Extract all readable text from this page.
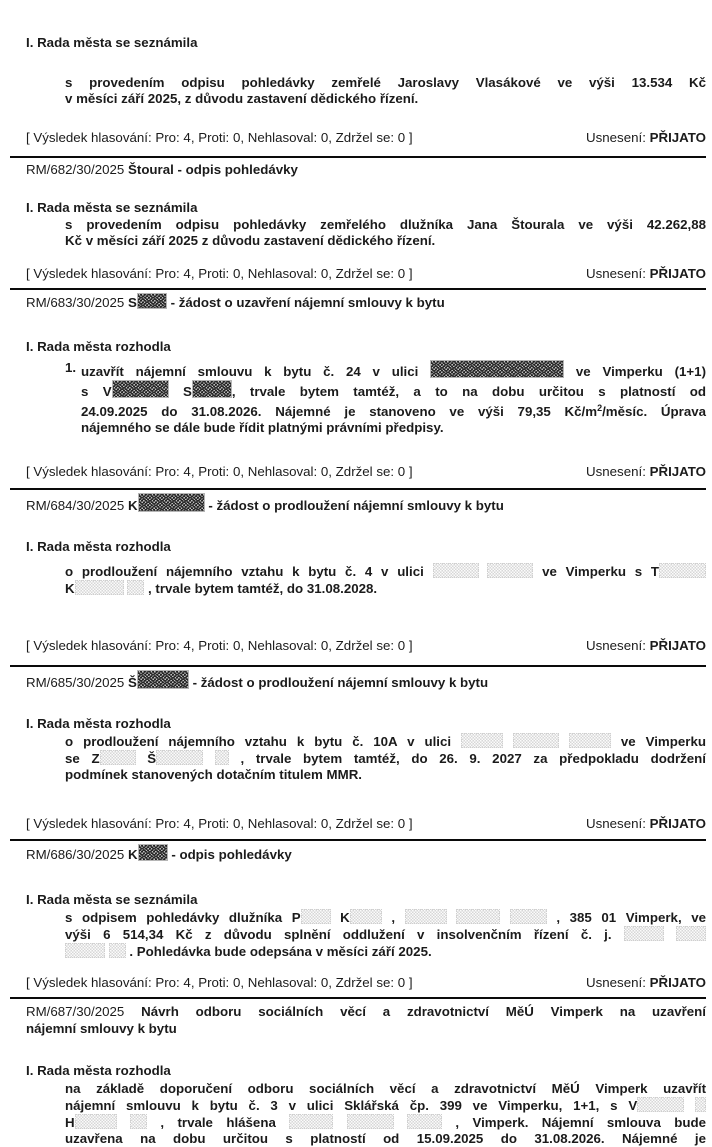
I. Rada města se seznámila
s provedením odpisu pohledávky zemřelé Jaroslavy Vlasákové ve výši 13.534 Kč
v měsíci září 2025, z důvodu zastavení dědického řízení.
[ Výsledek hlasování: Pro: 4, Proti: 0, Nehlasoval: 0, Zdržel se: 0 ]	Usnesení: PŘIJATO
RM/682/30/2025 Štoural - odpis pohledávky
I. Rada města se seznámila
s provedením odpisu pohledávky zemřelého dlužníka Jana Štourala ve výši 42.262,88
Kč v měsíci září 2025 z důvodu zastavení dědického řízení.
[ Výsledek hlasování: Pro: 4, Proti: 0, Nehlasoval: 0, Zdržel se: 0 ]	Usnesení: PŘIJATO
RM/683/30/2025 S - žádost o uzavření nájemní smlouvy k bytu
I. Rada města rozhodla
1. uzavřít nájemní smlouvu k bytu č. 24 v ulici	ve Vimperku (1+1)
s V	S	, trvale bytem tamtéž, a to na dobu určitou s platností od
24.09.2025 do 31.08.2026. Nájemné je stanoveno ve výši 79,35 $Kč/m^2$/měsíc. Úprava
nájemného se dále bude řídit platnými právními předpisy.
[ Výsledek hlasování: Pro: 4, Proti: 0, Nehlasoval: 0, Zdržel se: 0 ]	Usnesení: PŘIJATO
RM/684/30/2025 K	- žádost o prodloužení nájemní smlouvy k bytu
I. Rada města rozhodla
o prodloužení nájemního vztahu k bytu č. 4 v ulici	ve Vimperku s T
K	, trvale bytem tamtéž, do 31.08.2028.
[ Výsledek hlasování: Pro: 4, Proti: 0, Nehlasoval: 0, Zdržel se: 0 ]	Usnesení: PŘIJATO
RM/685/30/2025 Š	- žádost o prodloužení nájemní smlouvy k bytu
I. Rada města rozhodla
o prodloužení nájemního vztahu k bytu č. 10A v ulici	ve Vimperku
se Z	Š	, trvale bytem tamtéž, do 26. 9. 2027 za předpokladu dodržení
podmínek stanovených dotačním titulem MMR.
[ Výsledek hlasování: Pro: 4, Proti: 0, Nehlasoval: 0, Zdržel se: 0 ]	Usnesení: PŘIJATO
RM/686/30/2025 K - odpis pohledávky
I. Rada města se seznámila
s odpisem pohledávky dlužníka P K ,	, 385 01 Vimperk, ve
výši 6 514,34 Kč z důvodu splnění oddlužení v insolvenčním řízení č. j.
. Pohledávka bude odepsána v měsíci září 2025.
[ Výsledek hlasování: Pro: 4, Proti: 0, Nehlasoval: 0, Zdržel se: 0 ]	Usnesení: PŘIJATO
RM/687/30/2025 Návrh odboru sociálních věcí a zdravotnictví MěÚ Vimperk na uzavření
nájemní smlouvy k bytu
I. Rada města rozhodla
na základě doporučení odboru sociálních věcí a zdravotnictví MěÚ Vimperk uzavřít
nájemní smlouvu k bytu č. 3 v ulici Sklářská čp. 399 ve Vimperku, 1+1, s V
H	, trvale hlášena	, Vimperk. Nájemní smlouva bude
uzavřena na dobu určitou s platností od 15.09.2025 do 31.08.2026. Nájemné je
